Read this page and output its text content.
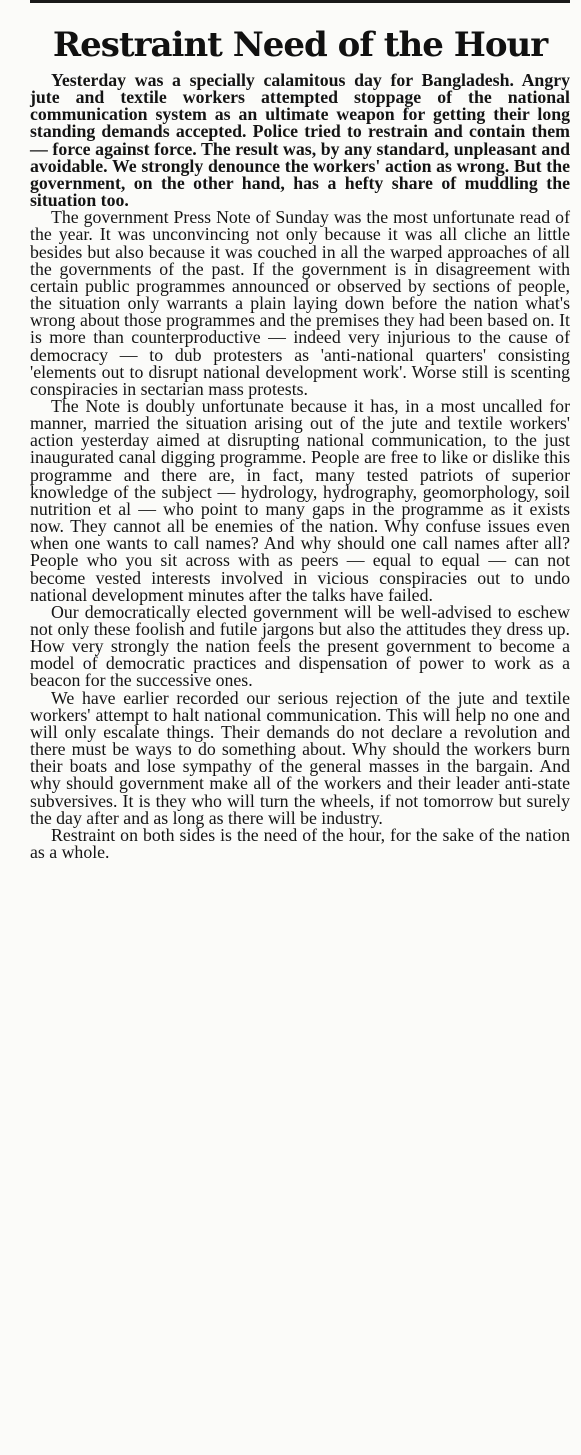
Restraint Need of the Hour

Yesterday was a specially calamitous day for Bangladesh. Angry jute and textile workers attempted stoppage of the national communication system as an ultimate weapon for getting their long standing demands accepted. Police tried to restrain and contain them — force against force. The result was, by any standard, unpleasant and avoidable. We strongly denounce the workers' action as wrong. But the government, on the other hand, has a hefty share of muddling the situation too.

The government Press Note of Sunday was the most unfortunate read of the year. It was unconvincing not only because it was all cliche an little besides but also because it was couched in all the warped approaches of all the governments of the past. If the government is in disagreement with certain public programmes announced or observed by sections of people, the situation only warrants a plain laying down before the nation what's wrong about those programmes and the premises they had been based on. It is more than counterproductive — indeed very injurious to the cause of democracy — to dub protesters as 'anti-national quarters' consisting 'elements out to disrupt national development work'. Worse still is scenting conspiracies in sectarian mass protests.

The Note is doubly unfortunate because it has, in a most uncalled for manner, married the situation arising out of the jute and textile workers' action yesterday aimed at disrupting national communication, to the just inaugurated canal digging programme. People are free to like or dislike this programme and there are, in fact, many tested patriots of superior knowledge of the subject — hydrology, hydrography, geomorphology, soil nutrition et al — who point to many gaps in the programme as it exists now. They cannot all be enemies of the nation. Why confuse issues even when one wants to call names? And why should one call names after all? People who you sit across with as peers — equal to equal — can not become vested interests involved in vicious conspiracies out to undo national development minutes after the talks have failed.

Our democratically elected government will be well-advised to eschew not only these foolish and futile jargons but also the attitudes they dress up. How very strongly the nation feels the present government to become a model of democratic practices and dispensation of power to work as a beacon for the successive ones.

We have earlier recorded our serious rejection of the jute and textile workers' attempt to halt national communication. This will help no one and will only escalate things. Their demands do not declare a revolution and there must be ways to do something about. Why should the workers burn their boats and lose sympathy of the general masses in the bargain. And why should government make all of the workers and their leader anti-state subversives. It is they who will turn the wheels, if not tomorrow but surely the day after and as long as there will be industry.

Restraint on both sides is the need of the hour, for the sake of the nation as a whole.
